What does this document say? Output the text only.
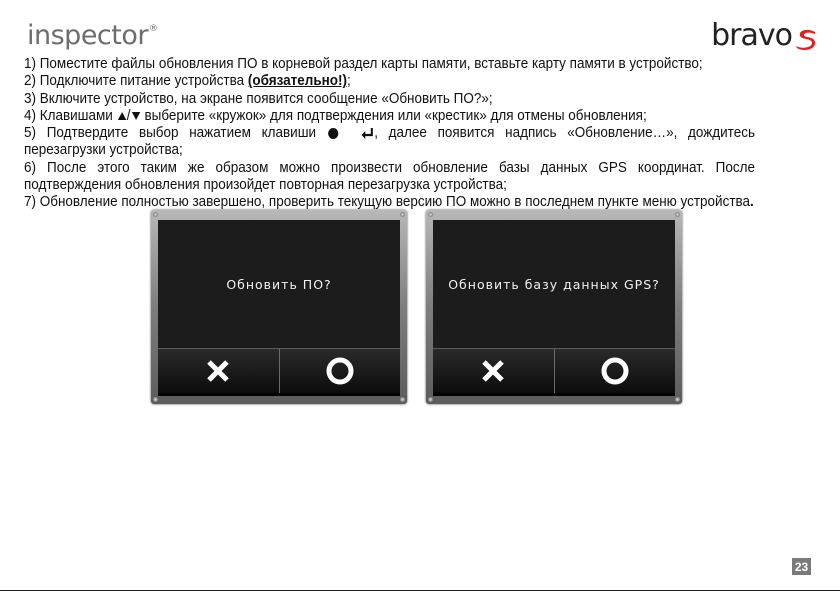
inspector®	bravo

1) Поместите файлы обновления ПО в корневой раздел карты памяти, вставьте карту памяти в устройство;

2) Подключите питание устройства (обязательно!);

3) Включите устройство, на экране появится сообщение «Обновить ПО?»;

4) Клавишами / выберите «кружок» для подтверждения или «крестик» для отмены обновления;

5) Подтвердите выбор нажатием клавиши	, далее появится надпись «Обновление…», дождитесь перезагрузки устройства;

6) После этого таким же образом можно произвести обновление базы данных GPS координат. После подтверждения обновления произойдет повторная перезагрузка устройства;

7) Обновление полностью завершено, проверить текущую версию ПО можно в последнем пункте меню устройства.

Обновить ПО?	Обновить базу данных GPS?
23
